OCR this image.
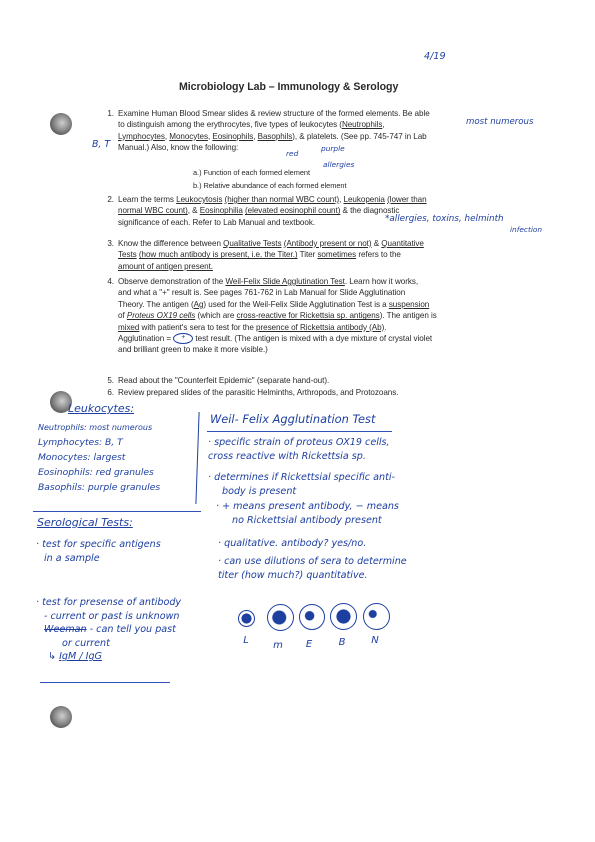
4/19
Microbiology Lab – Immunology & Serology
1. Examine Human Blood Smear slides & review structure of the formed elements. Be able
to distinguish among the erythrocytes, five types of leukocytes (Neutrophils,
Lymphocytes, Monocytes, Eosinophils, Basophils), & platelets. (See pp. 745-747 in Lab
Manual.) Also, know the following:
a.) Function of each formed element
b.) Relative abundance of each formed element
B, T
most numerous
red
purple
allergies
2. Learn the terms Leukocytosis (higher than normal WBC count), Leukopenia (lower than
normal WBC count), & Eosinophilia (elevated eosinophil count) & the diagnostic
significance of each. Refer to Lab Manual and textbook.	*allergies, toxins, helminth
infection
3. Know the difference between Qualitative Tests (Antibody present or not) & Quantitative
Tests (how much antibody is present, i.e. the Titer.) Titer sometimes refers to the
amount of antigen present.
4. Observe demonstration of the Weil-Felix Slide Agglutination Test. Learn how it works,
and what a "+" result is. See pages 761-762 in Lab Manual for Slide Agglutination
Theory. The antigen (Ag) used for the Weil-Felix Slide Agglutination Test is a suspension
of Proteus OX19 cells (which are cross-reactive for Rickettsia sp. antigens). The antigen is
mixed with patient's sera to test for the presence of Rickettsia antibody (Ab).
Agglutination = + test result. (The antigen is mixed with a dye mixture of crystal violet
and brilliant green to make it more visible.)
5. Read about the "Counterfeit Epidemic" (separate hand-out).
6. Review prepared slides of the parasitic Helminths, Arthropods, and Protozoans.
Leukocytes:
Neutrophils: most numerous
Lymphocytes: B, T
Monocytes: largest
Eosinophils: red granules
Basophils: purple granules
Weil- Felix Agglutination Test
· specific strain of proteus OX19 cells,
cross reactive with Rickettsia sp.
· determines if Rickettsial specific anti-
body is present
· + means present antibody, − means
no Rickettsial antibody present
· qualitative. antibody? yes/no.
· can use dilutions of sera to determine
titer (how much?) quantitative.
Serological Tests:
· test for specific antigens
in a sample
· test for presense of antibody
- current or past is unknown
Weeman - can tell you past
or current
↳ IgM / IgG
L	m	E	B	N
